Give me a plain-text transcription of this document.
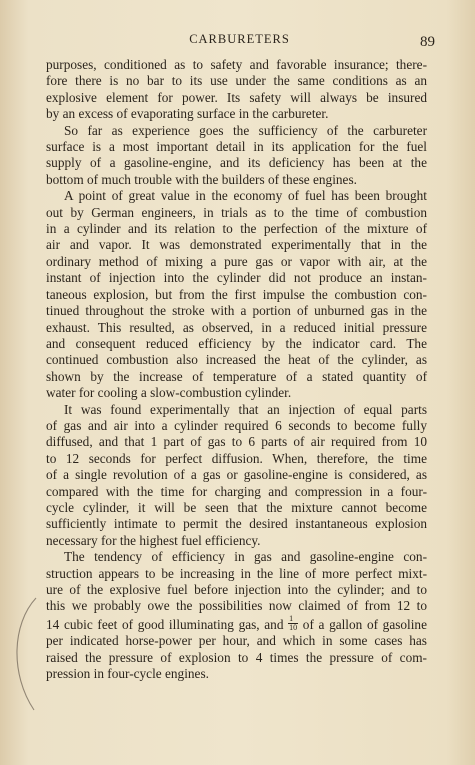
CARBURETERS	89
purposes, conditioned as to safety and favorable insurance; there-
fore there is no bar to its use under the same conditions as an
explosive element for power. Its safety will always be insured
by an excess of evaporating surface in the carbureter.
So far as experience goes the sufficiency of the carbureter
surface is a most important detail in its application for the fuel
supply of a gasoline-engine, and its deficiency has been at the
bottom of much trouble with the builders of these engines.
A point of great value in the economy of fuel has been brought
out by German engineers, in trials as to the time of combustion
in a cylinder and its relation to the perfection of the mixture of
air and vapor. It was demonstrated experimentally that in the
ordinary method of mixing a pure gas or vapor with air, at the
instant of injection into the cylinder did not produce an instan-
taneous explosion, but from the first impulse the combustion con-
tinued throughout the stroke with a portion of unburned gas in the
exhaust. This resulted, as observed, in a reduced initial pressure
and consequent reduced efficiency by the indicator card. The
continued combustion also increased the heat of the cylinder, as
shown by the increase of temperature of a stated quantity of
water for cooling a slow-combustion cylinder.
It was found experimentally that an injection of equal parts
of gas and air into a cylinder required 6 seconds to become fully
diffused, and that 1 part of gas to 6 parts of air required from 10
to 12 seconds for perfect diffusion. When, therefore, the time
of a single revolution of a gas or gasoline-engine is considered, as
compared with the time for charging and compression in a four-
cycle cylinder, it will be seen that the mixture cannot become
sufficiently intimate to permit the desired instantaneous explosion
necessary for the highest fuel efficiency.
The tendency of efficiency in gas and gasoline-engine con-
struction appears to be increasing in the line of more perfect mixt-
ure of the explosive fuel before injection into the cylinder; and to
this we probably owe the possibilities now claimed of from 12 to
14 cubic feet of good illuminating gas, and $\frac{1}{10}$ of a gallon of gasoline
per indicated horse-power per hour, and which in some cases has
raised the pressure of explosion to 4 times the pressure of com-
pression in four-cycle engines.
